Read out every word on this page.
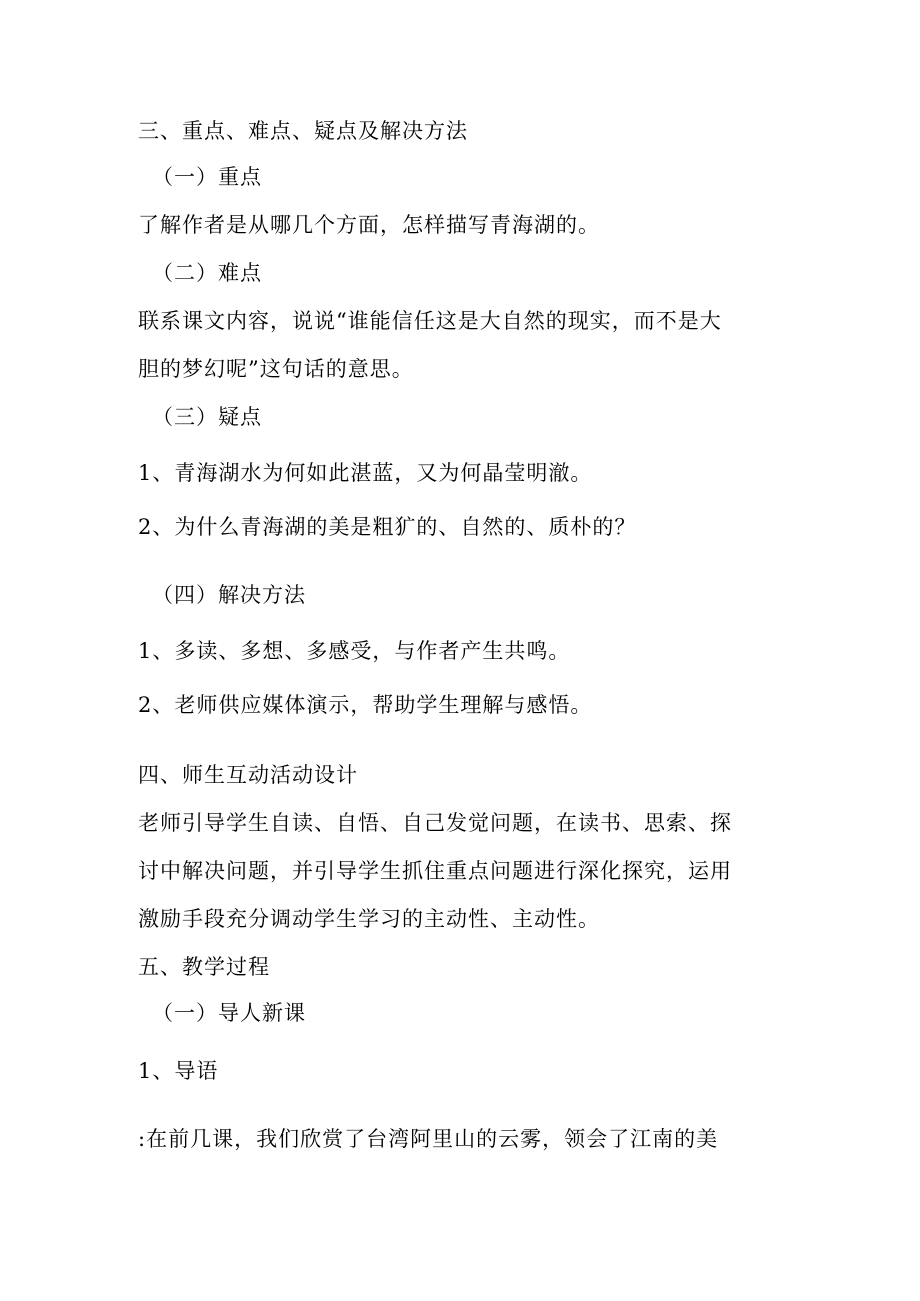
三、重点、难点、疑点及解决方法
（一）重点
了解作者是从哪几个方面，怎样描写青海湖的。
（二）难点
联系课文内容，说说“谁能信任这是大自然的现实，而不是大
胆的梦幻呢”这句话的意思。
（三）疑点
1、青海湖水为何如此湛蓝，又为何晶莹明澈。
2、为什么青海湖的美是粗犷的、自然的、质朴的？
（四）解决方法
1、多读、多想、多感受，与作者产生共鸣。
2、老师供应媒体演示，帮助学生理解与感悟。
四、师生互动活动设计
老师引导学生自读、自悟、自己发觉问题，在读书、思索、探
讨中解决问题，并引导学生抓住重点问题进行深化探究，运用
激励手段充分调动学生学习的主动性、主动性。
五、教学过程
（一）导人新课
1、导语
:在前几课，我们欣赏了台湾阿里山的云雾，领会了江南的美
